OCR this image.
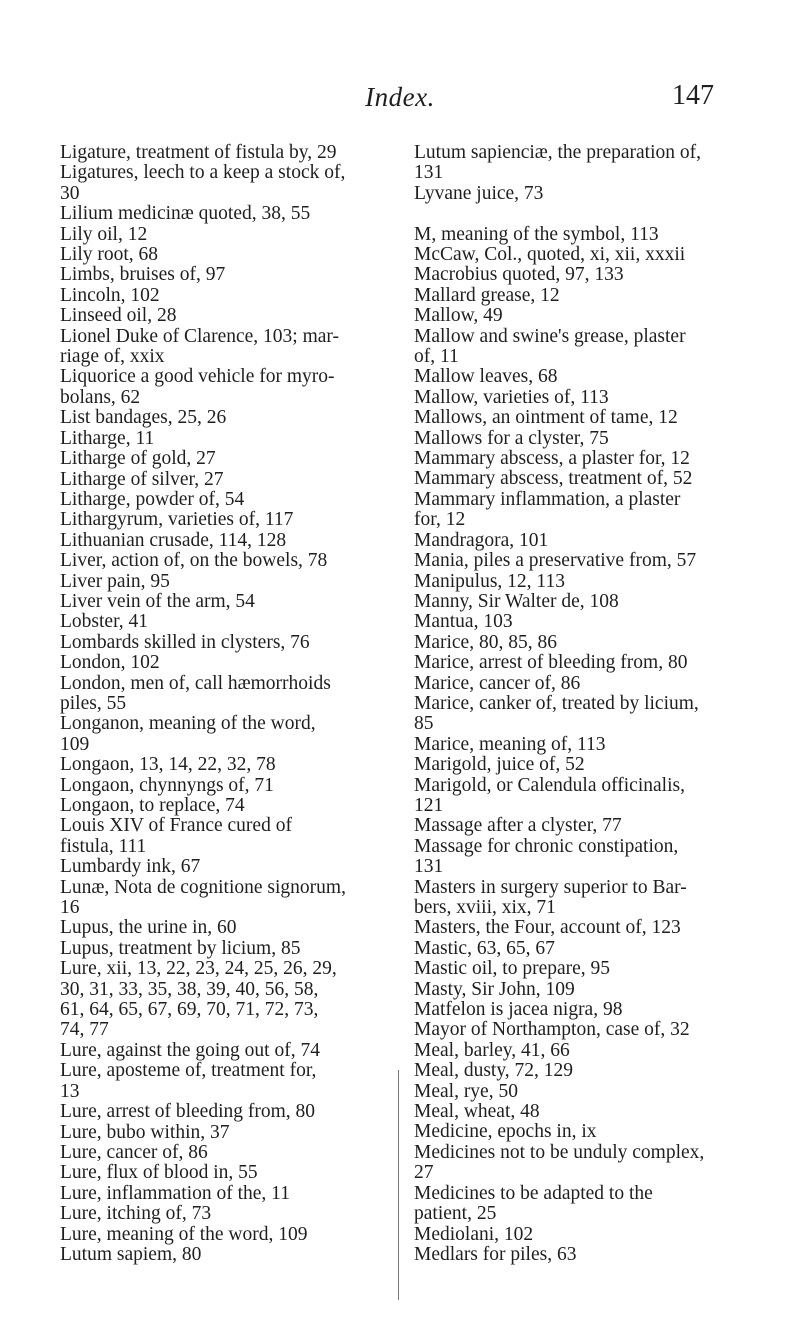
Index.	147
Ligature, treatment of fistula by, 29
Ligatures, leech to a keep a stock of,
30
Lilium medicinæ quoted, 38, 55
Lily oil, 12
Lily root, 68
Limbs, bruises of, 97
Lincoln, 102
Linseed oil, 28
Lionel Duke of Clarence, 103; mar-
riage of, xxix
Liquorice a good vehicle for myro-
bolans, 62
List bandages, 25, 26
Litharge, 11
Litharge of gold, 27
Litharge of silver, 27
Litharge, powder of, 54
Lithargyrum, varieties of, 117
Lithuanian crusade, 114, 128
Liver, action of, on the bowels, 78
Liver pain, 95
Liver vein of the arm, 54
Lobster, 41
Lombards skilled in clysters, 76
London, 102
London, men of, call hæmorrhoids
piles, 55
Longanon, meaning of the word,
109
Longaon, 13, 14, 22, 32, 78
Longaon, chynnyngs of, 71
Longaon, to replace, 74
Louis XIV of France cured of
fistula, 111
Lumbardy ink, 67
Lunæ, Nota de cognitione signorum,
16
Lupus, the urine in, 60
Lupus, treatment by licium, 85
Lure, xii, 13, 22, 23, 24, 25, 26, 29,
30, 31, 33, 35, 38, 39, 40, 56, 58,
61, 64, 65, 67, 69, 70, 71, 72, 73,
74, 77
Lure, against the going out of, 74
Lure, aposteme of, treatment for,
13
Lure, arrest of bleeding from, 80
Lure, bubo within, 37
Lure, cancer of, 86
Lure, flux of blood in, 55
Lure, inflammation of the, 11
Lure, itching of, 73
Lure, meaning of the word, 109
Lutum sapiem, 80
Lutum sapienciæ, the preparation of,
131
Lyvane juice, 73
M, meaning of the symbol, 113
McCaw, Col., quoted, xi, xii, xxxii
Macrobius quoted, 97, 133
Mallard grease, 12
Mallow, 49
Mallow and swine's grease, plaster
of, 11
Mallow leaves, 68
Mallow, varieties of, 113
Mallows, an ointment of tame, 12
Mallows for a clyster, 75
Mammary abscess, a plaster for, 12
Mammary abscess, treatment of, 52
Mammary inflammation, a plaster
for, 12
Mandragora, 101
Mania, piles a preservative from, 57
Manipulus, 12, 113
Manny, Sir Walter de, 108
Mantua, 103
Marice, 80, 85, 86
Marice, arrest of bleeding from, 80
Marice, cancer of, 86
Marice, canker of, treated by licium,
85
Marice, meaning of, 113
Marigold, juice of, 52
Marigold, or Calendula officinalis,
121
Massage after a clyster, 77
Massage for chronic constipation,
131
Masters in surgery superior to Bar-
bers, xviii, xix, 71
Masters, the Four, account of, 123
Mastic, 63, 65, 67
Mastic oil, to prepare, 95
Masty, Sir John, 109
Matfelon is jacea nigra, 98
Mayor of Northampton, case of, 32
Meal, barley, 41, 66
Meal, dusty, 72, 129
Meal, rye, 50
Meal, wheat, 48
Medicine, epochs in, ix
Medicines not to be unduly complex,
27
Medicines to be adapted to the
patient, 25
Mediolani, 102
Medlars for piles, 63
